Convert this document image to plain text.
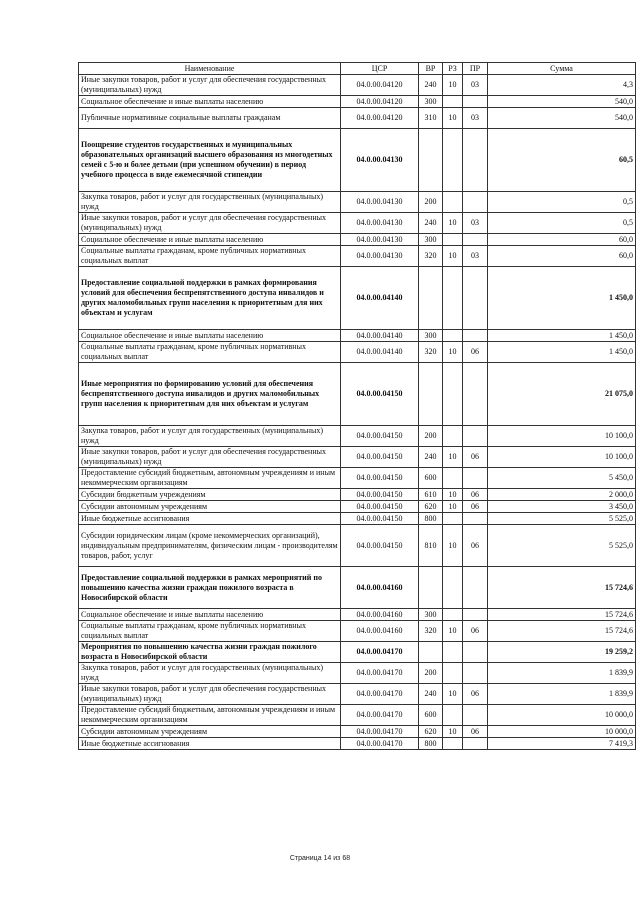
Наименование	ЦСР	ВР	РЗ	ПР	Сумма
Иные закупки товаров, работ и услуг для обеспечения государственных (муниципальных) нужд	04.0.00.04120	240	10	03	4,3
Социальное обеспечение и иные выплаты населению	04.0.00.04120	300			540,0
Публичные нормативные социальные выплаты гражданам	04.0.00.04120	310	10	03	540,0
Поощрение студентов государственных и муниципальных образовательных организаций высшего образования из многодетных семей с 5-ю и более детьми (при успешном обучении) в период учебного процесса в виде ежемесячной стипендии	04.0.00.04130				60,5
Закупка товаров, работ и услуг для государственных (муниципальных) нужд	04.0.00.04130	200			0,5
Иные закупки товаров, работ и услуг для обеспечения государственных (муниципальных) нужд	04.0.00.04130	240	10	03	0,5
Социальное обеспечение и иные выплаты населению	04.0.00.04130	300			60,0
Социальные выплаты гражданам, кроме публичных нормативных социальных выплат	04.0.00.04130	320	10	03	60,0
Предоставление социальной поддержки в рамках формирования условий для обеспечения беспрепятственного доступа инвалидов и других маломобильных групп населения к приоритетным для них объектам и услугам	04.0.00.04140				1 450,0
Социальное обеспечение и иные выплаты населению	04.0.00.04140	300			1 450,0
Социальные выплаты гражданам, кроме публичных нормативных социальных выплат	04.0.00.04140	320	10	06	1 450,0
Иные мероприятия по формированию условий для обеспечения беспрепятственного доступа инвалидов и других маломобильных групп населения к приоритетным для них объектам и услугам	04.0.00.04150				21 075,0
Закупка товаров, работ и услуг для государственных (муниципальных) нужд	04.0.00.04150	200			10 100,0
Иные закупки товаров, работ и услуг для обеспечения государственных (муниципальных) нужд	04.0.00.04150	240	10	06	10 100,0
Предоставление субсидий бюджетным, автономным учреждениям и иным некоммерческим организациям	04.0.00.04150	600			5 450,0
Субсидии бюджетным учреждениям	04.0.00.04150	610	10	06	2 000,0
Субсидии автономным учреждениям	04.0.00.04150	620	10	06	3 450,0
Иные бюджетные ассигнования	04.0.00.04150	800			5 525,0
Субсидии юридическим лицам (кроме некоммерческих организаций), индивидуальным предпринимателям, физическим лицам - производителям товаров, работ, услуг	04.0.00.04150	810	10	06	5 525,0
Предоставление социальной поддержки в рамках мероприятий по повышению качества жизни граждан пожилого возраста в Новосибирской области	04.0.00.04160				15 724,6
Социальное обеспечение и иные выплаты населению	04.0.00.04160	300			15 724,6
Социальные выплаты гражданам, кроме публичных нормативных социальных выплат	04.0.00.04160	320	10	06	15 724,6
Мероприятия по повышению качества жизни граждан пожилого возраста в Новосибирской области	04.0.00.04170				19 259,2
Закупка товаров, работ и услуг для государственных (муниципальных) нужд	04.0.00.04170	200			1 839,9
Иные закупки товаров, работ и услуг для обеспечения государственных (муниципальных) нужд	04.0.00.04170	240	10	06	1 839,9
Предоставление субсидий бюджетным, автономным учреждениям и иным некоммерческим организациям	04.0.00.04170	600			10 000,0
Субсидии автономным учреждениям	04.0.00.04170	620	10	06	10 000,0
Иные бюджетные ассигнования	04.0.00.04170	800			7 419,3
Страница 14 из 68
